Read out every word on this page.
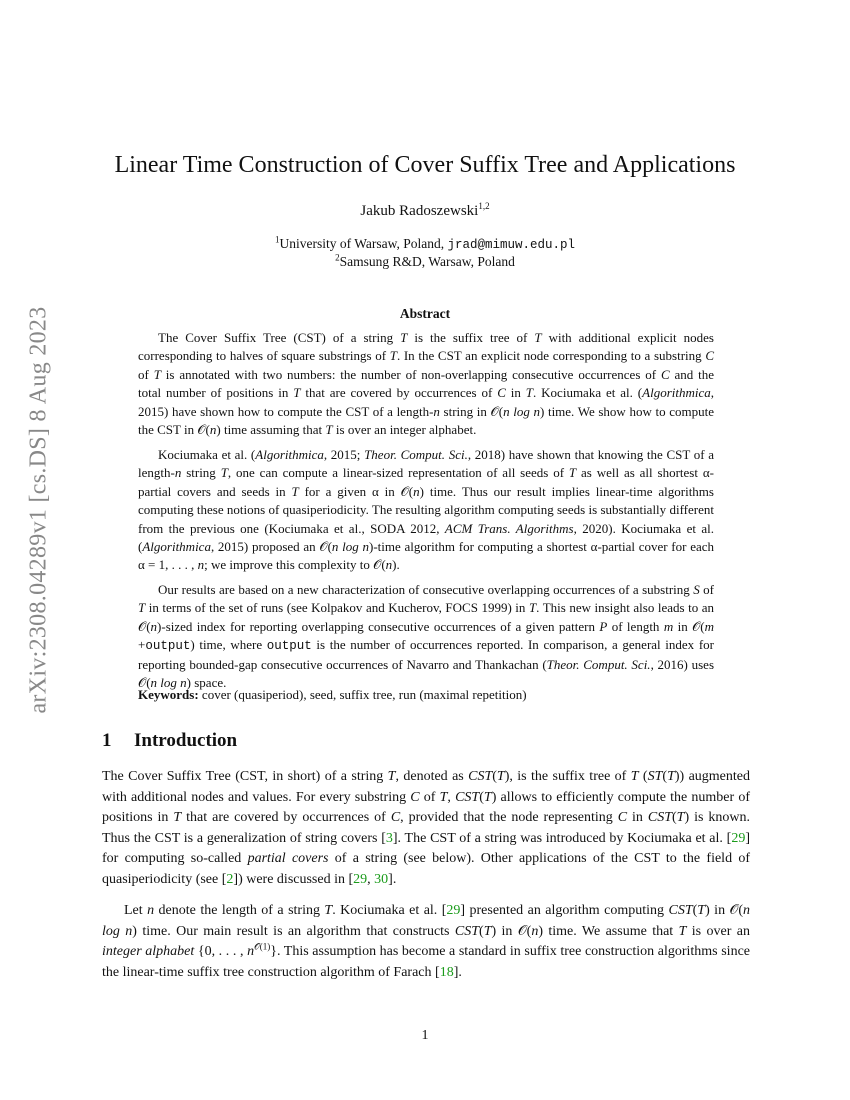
arXiv:2308.04289v1 [cs.DS] 8 Aug 2023
Linear Time Construction of Cover Suffix Tree and Applications
Jakub Radoszewski$^{1,2}$
$^1$University of Warsaw, Poland, jrad@mimuw.edu.pl
$^2$Samsung R&D, Warsaw, Poland
Abstract

The Cover Suffix Tree (CST) of a string T is the suffix tree of T with additional explicit nodes corresponding to halves of square substrings of T. In the CST an explicit node corresponding to a substring C of T is annotated with two numbers: the number of non-overlapping consecutive occurrences of C and the total number of positions in T that are covered by occurrences of C in T. Kociumaka et al. (Algorithmica, 2015) have shown how to compute the CST of a length-n string in 𝒪(n log n) time. We show how to compute the CST in 𝒪(n) time assuming that T is over an integer alphabet.

Kociumaka et al. (Algorithmica, 2015; Theor. Comput. Sci., 2018) have shown that knowing the CST of a length-n string T, one can compute a linear-sized representation of all seeds of T as well as all shortest α-partial covers and seeds in T for a given α in 𝒪(n) time. Thus our result implies linear-time algorithms computing these notions of quasiperiodicity. The resulting algorithm computing seeds is substantially different from the previous one (Kociumaka et al., SODA 2012, ACM Trans. Algorithms, 2020). Kociumaka et al. (Algorithmica, 2015) proposed an 𝒪(n log n)-time algorithm for computing a shortest α-partial cover for each α = 1, . . . , n; we improve this complexity to 𝒪(n).

Our results are based on a new characterization of consecutive overlapping occurrences of a substring S of T in terms of the set of runs (see Kolpakov and Kucherov, FOCS 1999) in T. This new insight also leads to an 𝒪(n)-sized index for reporting overlapping consecutive occurrences of a given pattern P of length m in 𝒪(m +output) time, where output is the number of occurrences reported. In comparison, a general index for reporting bounded-gap consecutive occurrences of Navarro and Thankachan (Theor. Comput. Sci., 2016) uses 𝒪(n log n) space.

Keywords: cover (quasiperiod), seed, suffix tree, run (maximal repetition)
1 Introduction

The Cover Suffix Tree (CST, in short) of a string T, denoted as CST(T), is the suffix tree of T (ST(T)) augmented with additional nodes and values. For every substring C of T, CST(T) allows to efficiently compute the number of positions in T that are covered by occurrences of C, provided that the node representing C in CST(T) is known. Thus the CST is a generalization of string covers [3]. The CST of a string was introduced by Kociumaka et al. [29] for computing so-called partial covers of a string (see below). Other applications of the CST to the field of quasiperiodicity (see [2]) were discussed in [29, 30].

Let n denote the length of a string T. Kociumaka et al. [29] presented an algorithm computing CST(T) in 𝒪(n log n) time. Our main result is an algorithm that constructs CST(T) in 𝒪(n) time. We assume that T is over an integer alphabet {0, . . . , $n^{𝒪(1)}$}. This assumption has become a standard in suffix tree construction algorithms since the linear-time suffix tree construction algorithm of Farach [18].

1
